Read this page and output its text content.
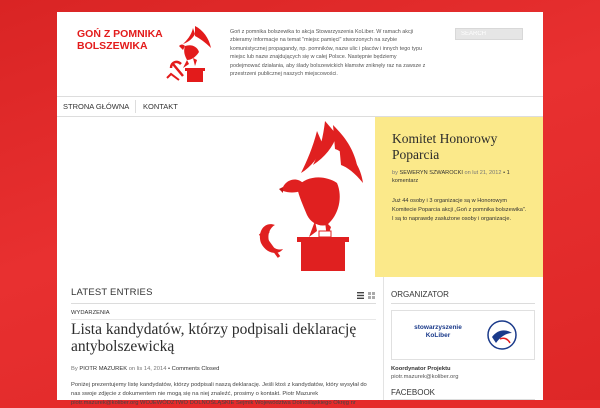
GOŃ Z POMNIKA
BOLSZEWIKA
Goń z pomnika bolszewika to akcja Stowarzyszenia KoLiber. W ramach akcji zbieramy informacje na temat "miejsc pamięci" stworzonych na szybie komunistycznej propagandy, np. pomników, nazw ulic i placów i innych tego typu miejsc lub nazw znajdujących się w całej Polsce. Następnie będziemy podejmować działania, aby ślady bolszewickich kłamstw zniknęły raz na zawsze z przestrzeni publicznej naszych miejscowości.
SEARCH
STRONA GŁÓWNA KONTAKT
Komitet Honorowy Poparcia
by SEWERYN SZWAROCKI on lut 21, 2012 • 1 komentarz
Już 44 osoby i 3 organizacje są w Honorowym Komitecie Poparcia akcji „Goń z pomnika bolszewika". I są to naprawdę zasłużone osoby i organizacje.
LATEST ENTRIES
WYDARZENIA
Lista kandydatów, którzy podpisali deklarację antybolszewicką
By PIOTR MAZUREK on lis 14, 2014 • Comments Closed
Poniżej prezentujemy listę kandydatów, którzy podpisali naszą deklarację. Jeśli ktoś z kandydatów, który wysyłał do nas swoje zdjęcie z dokumentem nie mogą się na niej znaleźć, prosimy o kontakt. Piotr Mazurek piotr.mazurek@koliber.org WOJEWÓDZTWO DOLNOŚLĄSKIE Sejmik Województwa Dolnośląskiego Okręg nr
ORGANIZATOR
stowarzyszenie
KoLiber
Koordynator Projektu
piotr.mazurek@koliber.org
FACEBOOK
